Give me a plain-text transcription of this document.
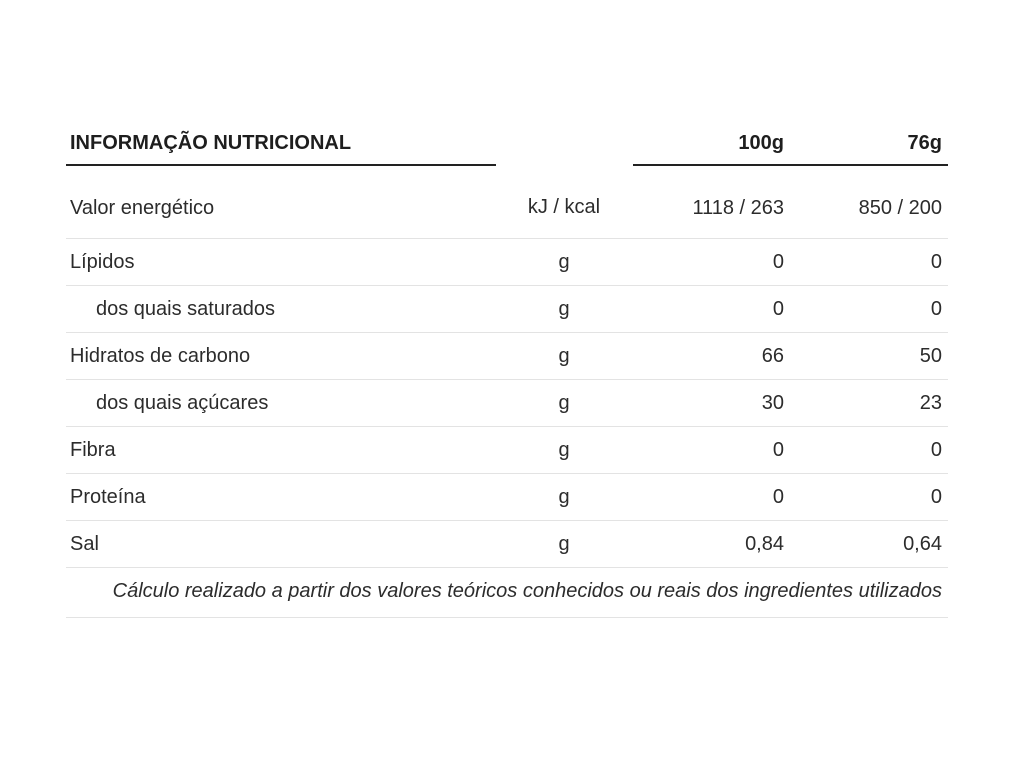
INFORMAÇÃO NUTRICIONAL		100g	76g
Valor energético	kJ / kcal	1118 / 263	850 / 200
Lípidos	g	0	0
dos quais saturados	g	0	0
Hidratos de carbono	g	66	50
dos quais açúcares	g	30	23
Fibra	g	0	0
Proteína	g	0	0
Sal	g	0,84	0,64
Cálculo realizado a partir dos valores teóricos conhecidos ou reais dos ingredientes utilizados			
